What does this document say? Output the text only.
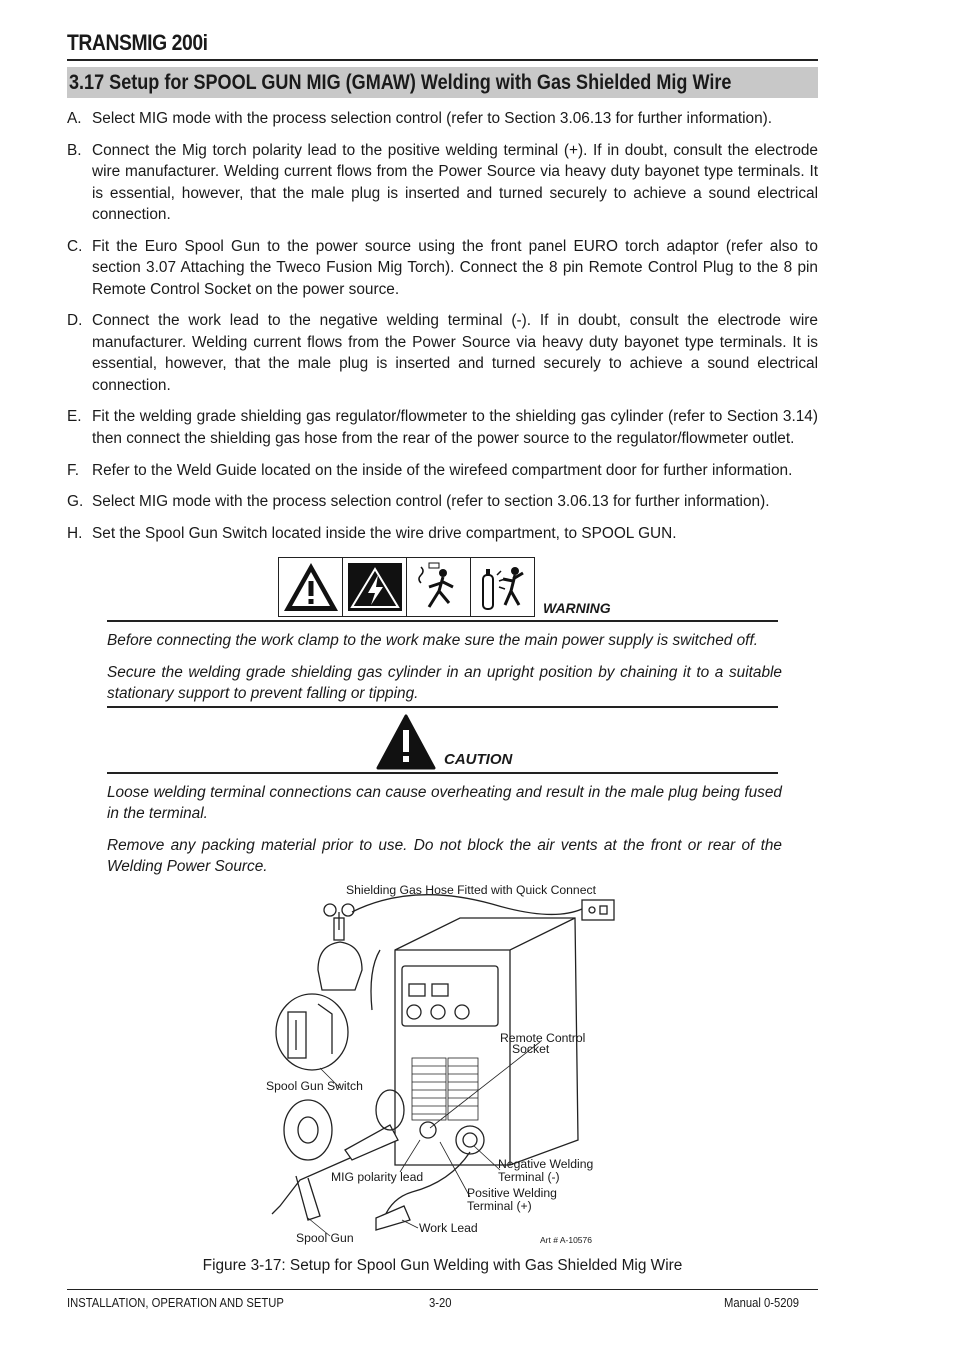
TRANSMIG 200i
3.17 Setup for SPOOL GUN MIG (GMAW) Welding with Gas Shielded Mig Wire
A. Select MIG mode with the process selection control (refer to Section 3.06.13 for further information).
B. Connect the Mig torch polarity lead to the positive welding terminal (+). If in doubt, consult the electrode wire manufacturer. Welding current flows from the Power Source via heavy duty bayonet type terminals. It is essential, however, that the male plug is inserted and turned securely to achieve a sound electrical connection.
C. Fit the Euro Spool Gun to the power source using the front panel EURO torch adaptor (refer also to section 3.07 Attaching the Tweco Fusion Mig Torch). Connect the 8 pin Remote Control Plug to the 8 pin Remote Control Socket on the power source.
D. Connect the work lead to the negative welding terminal (-). If in doubt, consult the electrode wire manufacturer. Welding current flows from the Power Source via heavy duty bayonet type terminals. It is essential, however, that the male plug is inserted and turned securely to achieve a sound electrical connection.
E. Fit the welding grade shielding gas regulator/flowmeter to the shielding gas cylinder (refer to Section 3.14) then connect the shielding gas hose from the rear of the power source to the regulator/flowmeter outlet.
F. Refer to the Weld Guide located on the inside of the wirefeed compartment door for further information.
G. Select MIG mode with the process selection control (refer to section 3.06.13 for further information).
H. Set the Spool Gun Switch located inside the wire drive compartment, to SPOOL GUN.
WARNING
Before connecting the work clamp to the work make sure the main power supply is switched off.
Secure the welding grade shielding gas cylinder in an upright position by chaining it to a suitable stationary support to prevent falling or tipping.
CAUTION
Loose welding terminal connections can cause overheating and result in the male plug being fused in the terminal.
Remove any packing material prior to use. Do not block the air vents at the front or rear of the Welding Power Source.
Shielding Gas Hose Fitted with Quick Connect
Remote Control
Socket
Spool Gun Switch
Negative Welding
Terminal (-)
MIG polarity lead
Positive Welding
Terminal (+)
Work Lead
Spool Gun	Art # A-10576
Figure 3-17: Setup for Spool Gun Welding with Gas Shielded Mig Wire
INSTALLATION, OPERATION AND SETUP	3-20	Manual 0-5209
